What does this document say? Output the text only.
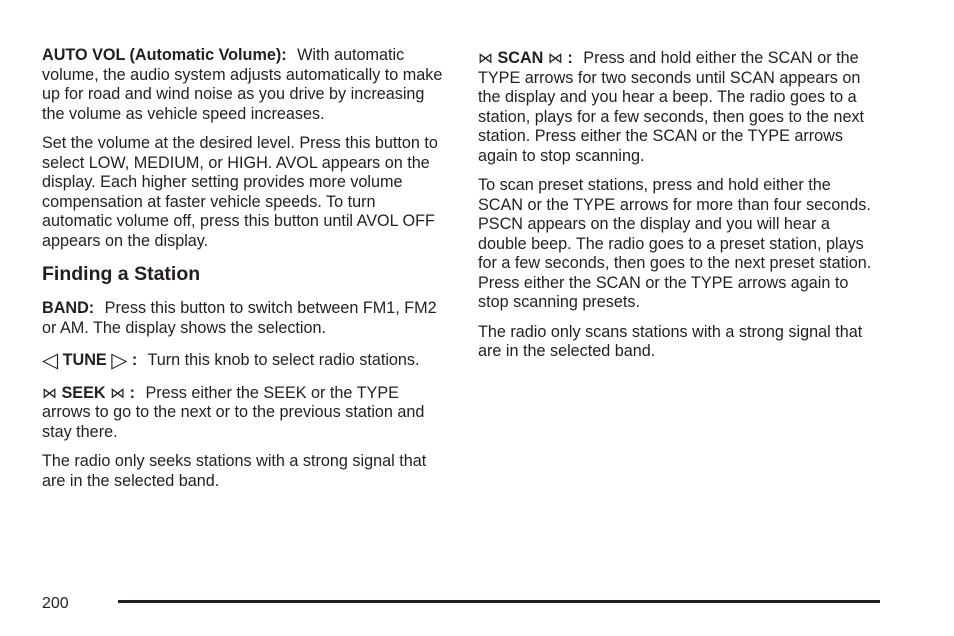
AUTO VOL (Automatic Volume): With automatic volume, the audio system adjusts automatically to make up for road and wind noise as you drive by increasing the volume as vehicle speed increases.

Set the volume at the desired level. Press this button to select LOW, MEDIUM, or HIGH. AVOL appears on the display. Each higher setting provides more volume compensation at faster vehicle speeds. To turn automatic volume off, press this button until AVOL OFF appears on the display.

Finding a Station

BAND: Press this button to switch between FM1, FM2 or AM. The display shows the selection.

◁ TUNE ▷ : Turn this knob to select radio stations.

⋈ SEEK ⋈ : Press either the SEEK or the TYPE arrows to go to the next or to the previous station and stay there.

The radio only seeks stations with a strong signal that are in the selected band.

⋈ SCAN ⋈ : Press and hold either the SCAN or the TYPE arrows for two seconds until SCAN appears on the display and you hear a beep. The radio goes to a station, plays for a few seconds, then goes to the next station. Press either the SCAN or the TYPE arrows again to stop scanning.

To scan preset stations, press and hold either the SCAN or the TYPE arrows for more than four seconds. PSCN appears on the display and you will hear a double beep. The radio goes to a preset station, plays for a few seconds, then goes to the next preset station. Press either the SCAN or the TYPE arrows again to stop scanning presets.

The radio only scans stations with a strong signal that are in the selected band.

200
